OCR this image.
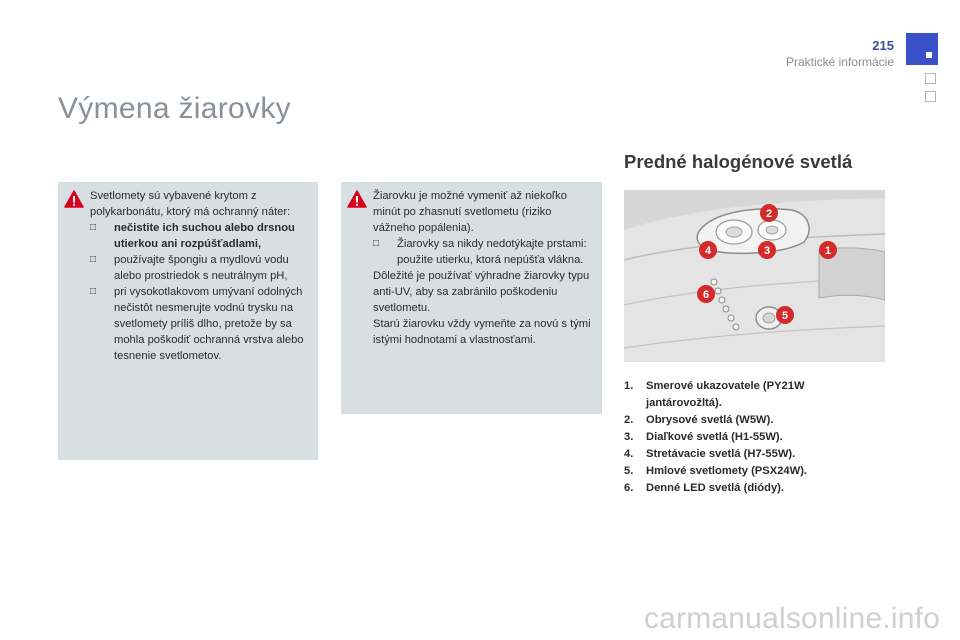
215
Praktické informácie
Výmena žiarovky

Svetlomety sú vybavené krytom z polykarbonátu, ktorý má ochranný náter:

□	nečistite ich suchou alebo drsnou utierkou ani rozpúšťadlami,
□	používajte špongiu a mydlovú vodu alebo prostriedok s neutrálnym pH,
□	pri vysokotlakovom umývaní odolných nečistôt nesmerujte vodnú trysku na svetlomety príliš dlho, pretože by sa mohla poškodiť ochranná vrstva alebo tesnenie svetlometov.

Žiarovku je možné vymeniť až niekoľko minút po zhasnutí svetlometu (riziko vážneho popálenia).

□	Žiarovky sa nikdy nedotýkajte prstami: použite utierku, ktorá nepúšťa vlákna.

Dôležité je používať výhradne žiarovky typu anti-UV, aby sa zabránilo poškodeniu svetlometu.

Starú žiarovku vždy vymeňte za novú s tými istými hodnotami a vlastnosťami.

Predné halogénové svetlá
1
2
3
4
5
6
1.	Smerové ukazovatele (PY21W jantárovožltá).
2.	Obrysové svetlá (W5W).
3.	Diaľkové svetlá (H1-55W).
4.	Stretávacie svetlá (H7-55W).
5.	Hmlové svetlomety (PSX24W).
6.	Denné LED svetlá (diódy).
carmanualsonline.info
